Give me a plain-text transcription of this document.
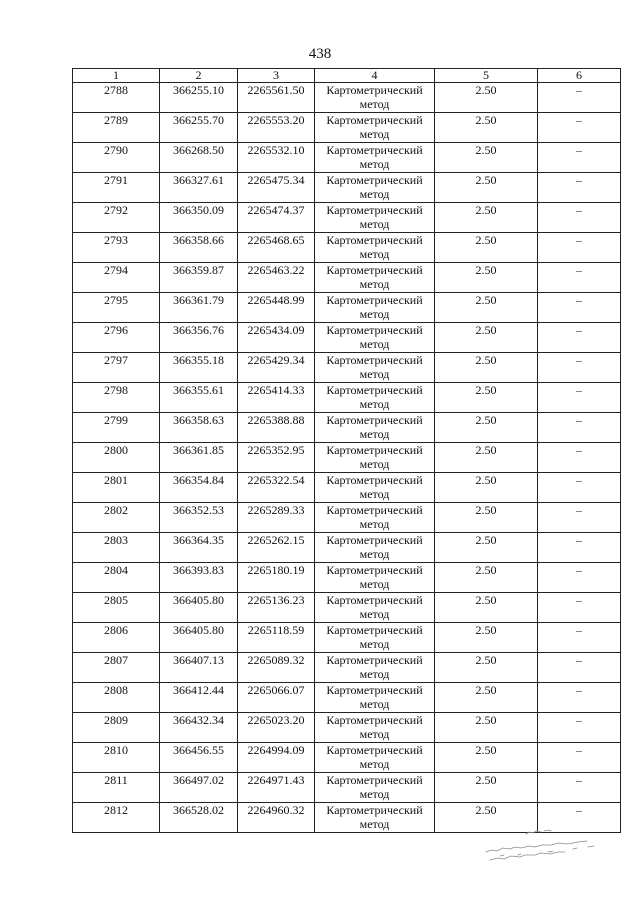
438
1	2	3	4	5	6
2788	366255.10	2265561.50	Картометрический метод	2.50	–
2789	366255.70	2265553.20	Картометрический метод	2.50	–
2790	366268.50	2265532.10	Картометрический метод	2.50	–
2791	366327.61	2265475.34	Картометрический метод	2.50	–
2792	366350.09	2265474.37	Картометрический метод	2.50	–
2793	366358.66	2265468.65	Картометрический метод	2.50	–
2794	366359.87	2265463.22	Картометрический метод	2.50	–
2795	366361.79	2265448.99	Картометрический метод	2.50	–
2796	366356.76	2265434.09	Картометрический метод	2.50	–
2797	366355.18	2265429.34	Картометрический метод	2.50	–
2798	366355.61	2265414.33	Картометрический метод	2.50	–
2799	366358.63	2265388.88	Картометрический метод	2.50	–
2800	366361.85	2265352.95	Картометрический метод	2.50	–
2801	366354.84	2265322.54	Картометрический метод	2.50	–
2802	366352.53	2265289.33	Картометрический метод	2.50	–
2803	366364.35	2265262.15	Картометрический метод	2.50	–
2804	366393.83	2265180.19	Картометрический метод	2.50	–
2805	366405.80	2265136.23	Картометрический метод	2.50	–
2806	366405.80	2265118.59	Картометрический метод	2.50	–
2807	366407.13	2265089.32	Картометрический метод	2.50	–
2808	366412.44	2265066.07	Картометрический метод	2.50	–
2809	366432.34	2265023.20	Картометрический метод	2.50	–
2810	366456.55	2264994.09	Картометрический метод	2.50	–
2811	366497.02	2264971.43	Картометрический метод	2.50	–
2812	366528.02	2264960.32	Картометрический метод	2.50	–
